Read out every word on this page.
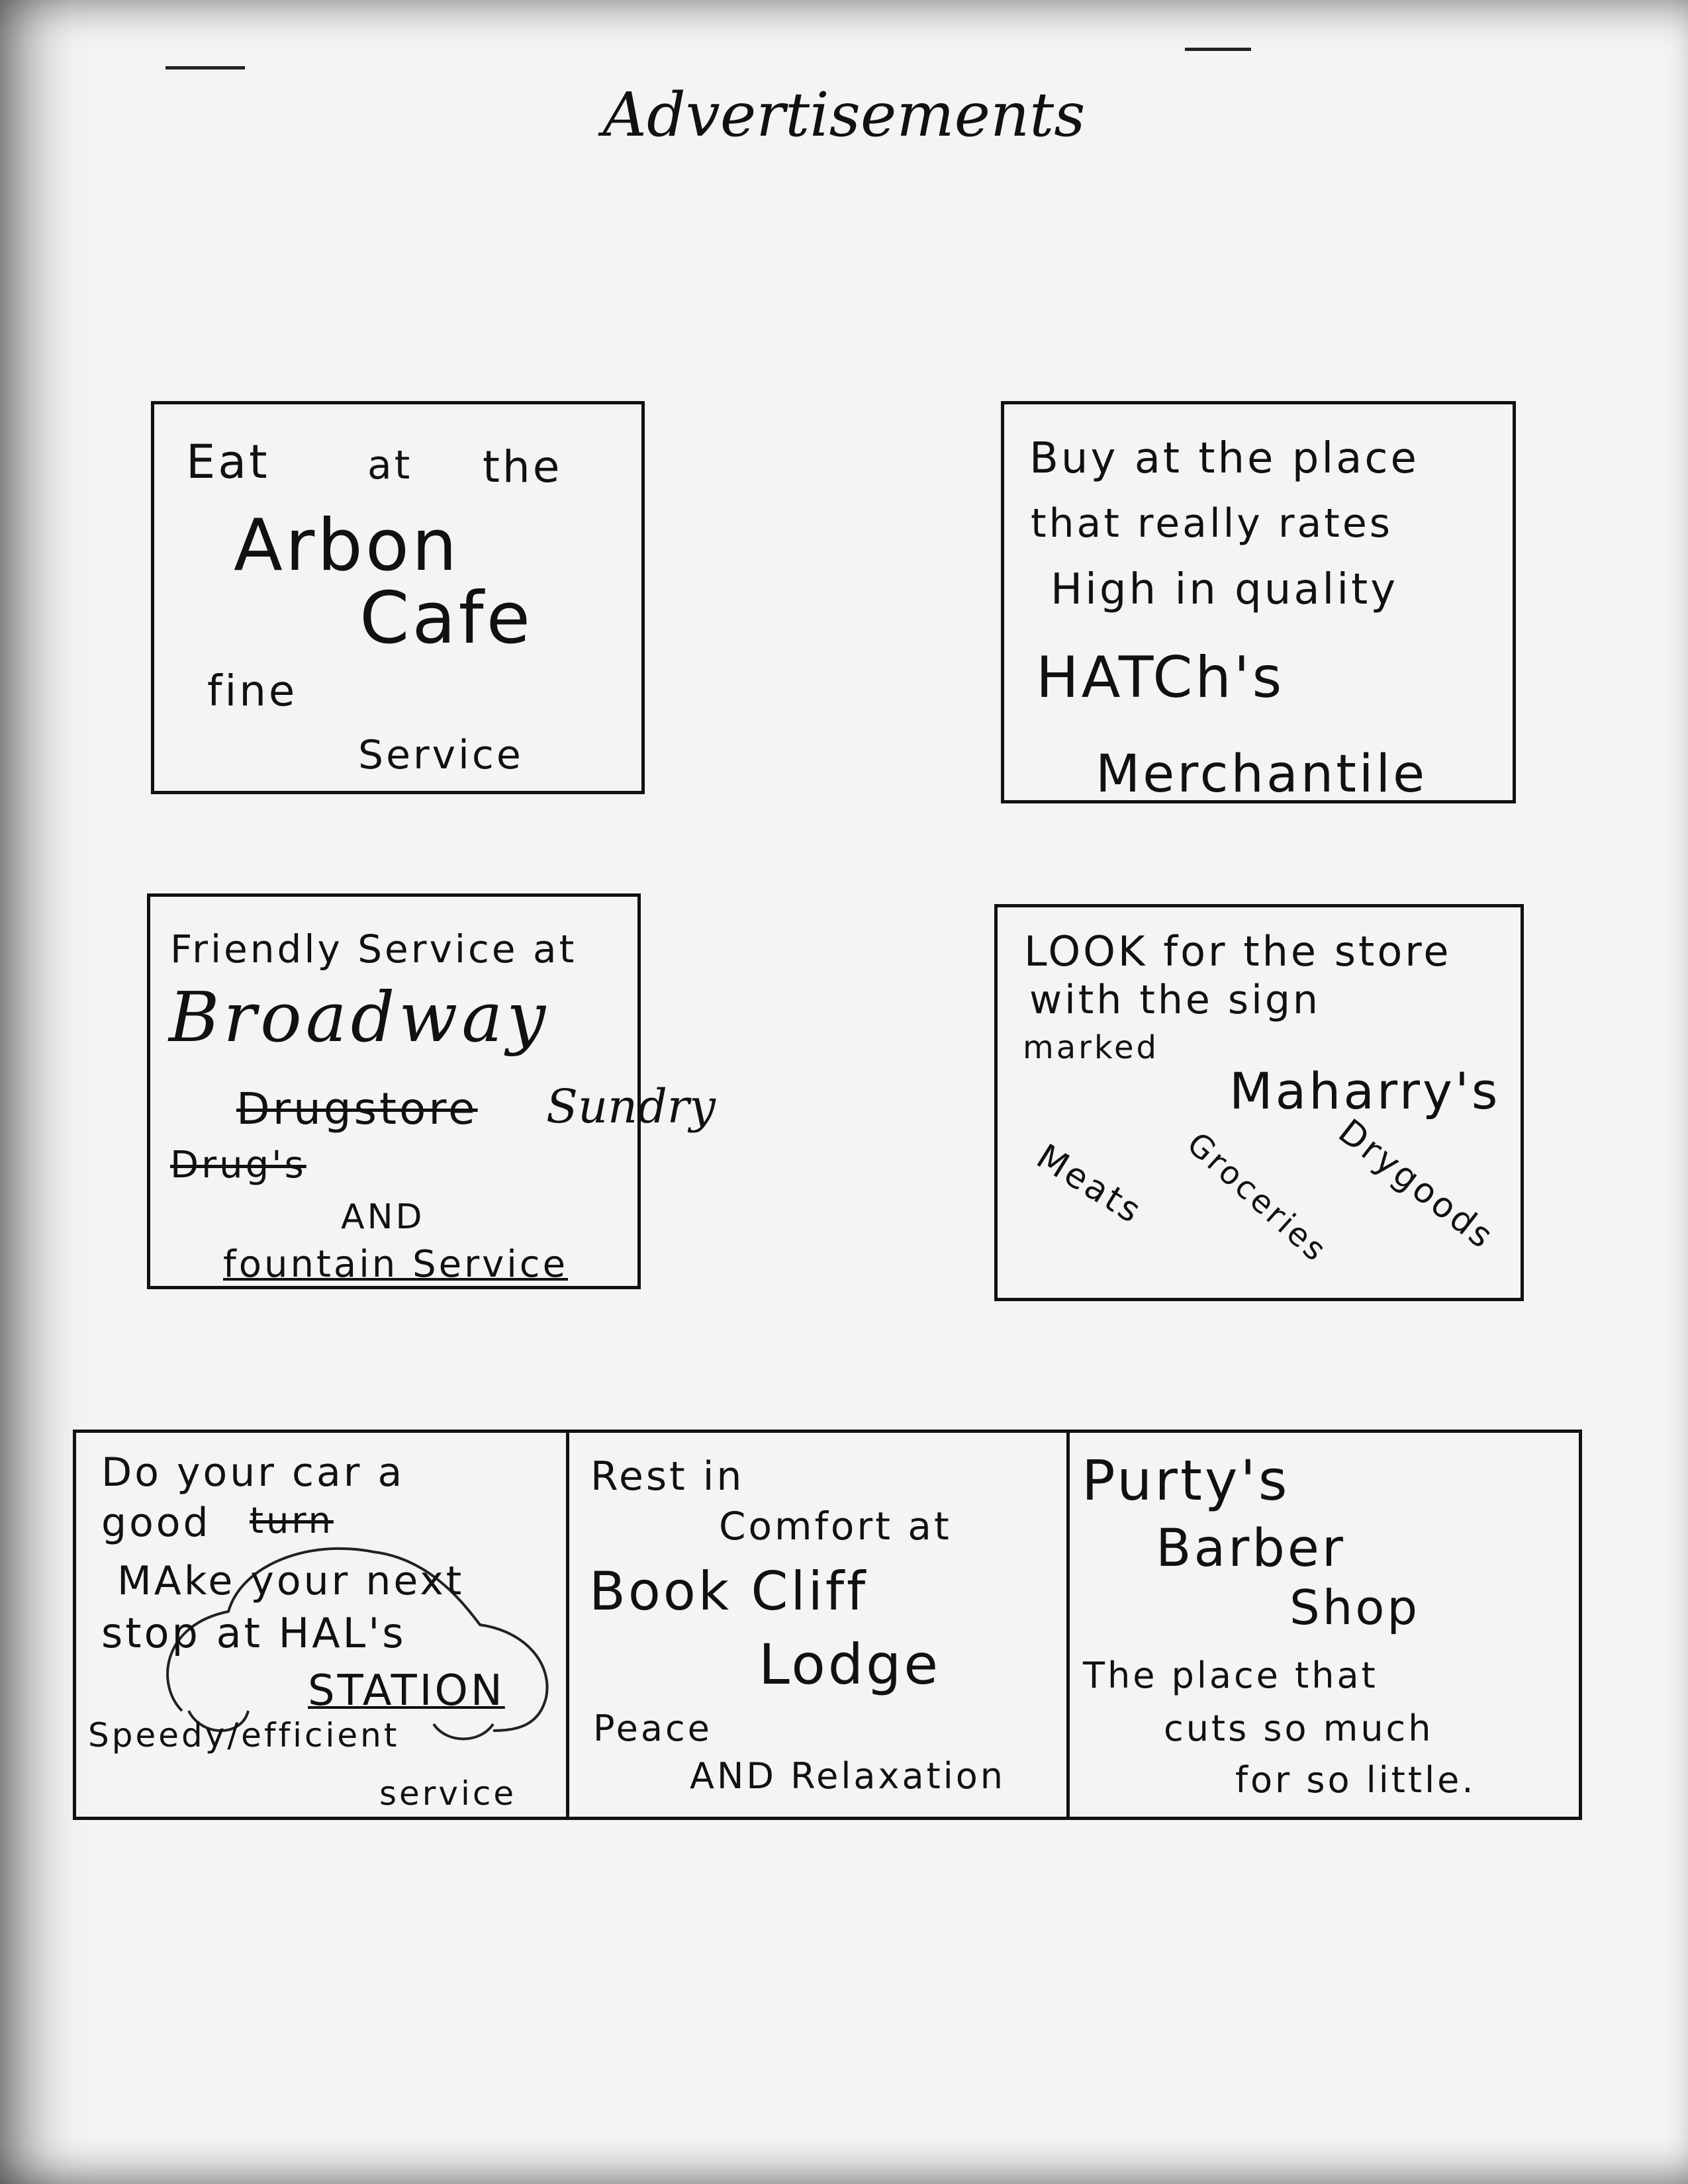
Advertisements
Eat at the
Arbon
Cafe
fine
Service
Buy at the place
that really rates
High in quality
HATCh's
Merchantile
Friendly Service at
Broadway
Drugstore Sundry
Drug's
AND
fountain Service
LOOK for the store
with the sign
marked
Maharry's
Meats Groceries
Drygoods
Do your car a
good turn
MAke your next
stop at HAL's
STATION
Speedy/efficient
service
Rest in
Comfort at
Book Cliff
Lodge
Peace
AND Relaxation
Purty's
Barber
Shop
The place that
cuts so much
for so little.
